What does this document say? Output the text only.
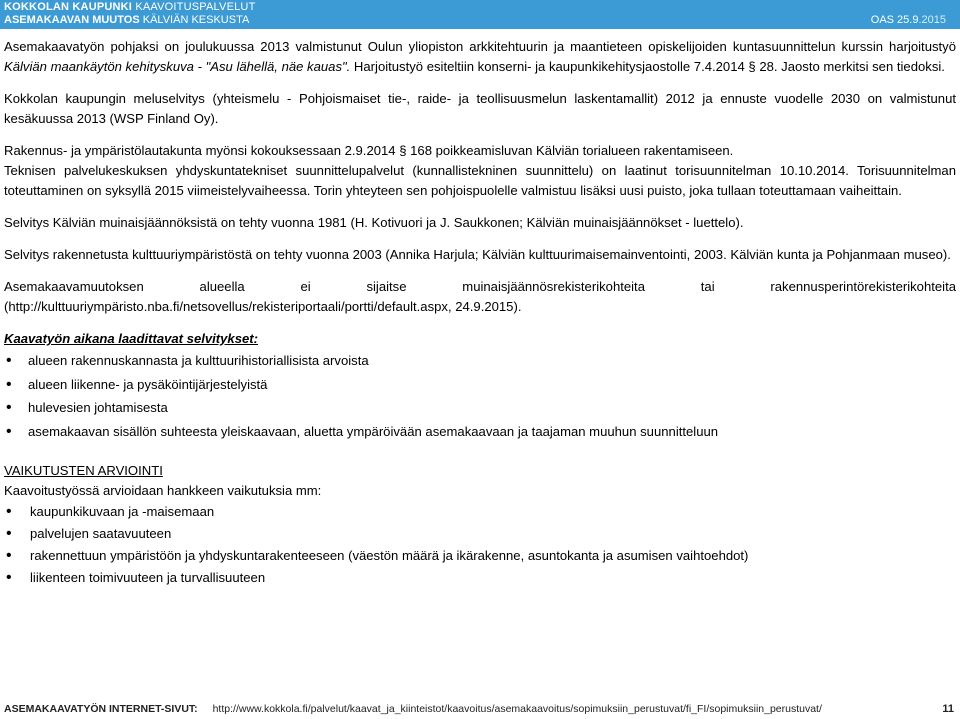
KOKKOLAN KAUPUNKI KAAVOITUSPALVELUT
ASEMAKAAVAN MUUTOS KÄLVIÄN KESKUSTA	OAS 25.9.2015

Asemakaavatyön pohjaksi on joulukuussa 2013 valmistunut Oulun yliopiston arkkitehtuurin ja maantieteen opiskelijoiden kuntasuunnittelun kurssin harjoitustyö Kälviän maankäytön kehityskuva - "Asu lähellä, näe kauas". Harjoitustyö esiteltiin konserni- ja kaupunkikehitysjaostolle 7.4.2014 § 28. Jaosto merkitsi sen tiedoksi.

Kokkolan kaupungin meluselvitys (yhteismelu - Pohjoismaiset tie-, raide- ja teollisuusmelun laskentamallit) 2012 ja ennuste vuodelle 2030 on valmistunut kesäkuussa 2013 (WSP Finland Oy).

Rakennus- ja ympäristölautakunta myönsi kokouksessaan 2.9.2014 § 168 poikkeamisluvan Kälviän torialueen rakentamiseen.

Teknisen palvelukeskuksen yhdyskuntatekniset suunnittelupalvelut (kunnallistekninen suunnittelu) on laatinut torisuunnitelman 10.10.2014. Torisuunnitelman toteuttaminen on syksyllä 2015 viimeistelyvaiheessa. Torin yhteyteen sen pohjoispuolelle valmistuu lisäksi uusi puisto, joka tullaan toteuttamaan vaiheittain.

Selvitys Kälviän muinaisjäännöksistä on tehty vuonna 1981 (H. Kotivuori ja J. Saukkonen; Kälviän muinaisjäännökset - luettelo).

Selvitys rakennetusta kulttuuriympäristöstä on tehty vuonna 2003 (Annika Harjula; Kälviän kulttuurimaisemainventointi, 2003. Kälviän kunta ja Pohjanmaan museo).

Asemakaavamuutoksen alueella ei sijaitse muinaisjäännösrekisterikohteita tai rakennusperintörekisterikohteita (http://kulttuuriympäristo.nba.fi/netsovellus/rekisteriportaali/portti/default.aspx, 24.9.2015).

Kaavatyön aikana laadittavat selvitykset:
• alueen rakennuskannasta ja kulttuurihistoriallisista arvoista
• alueen liikenne- ja pysäköintijärjestelyistä
• hulevesien johtamisesta
• asemakaavan sisällön suhteesta yleiskaavaan, aluetta ympäröivään asemakaavaan ja taajaman muuhun suunnitteluun
VAIKUTUSTEN ARVIOINTI
Kaavoitustyössä arvioidaan hankkeen vaikutuksia mm:
• kaupunkikuvaan ja -maisemaan
• palvelujen saatavuuteen
• rakennettuun ympäristöön ja yhdyskuntarakenteeseen (väestön määrä ja ikärakenne, asuntokanta ja asumisen vaihtoehdot)
• liikenteen toimivuuteen ja turvallisuuteen
ASEMAKAAVATYÖN INTERNET-SIVUT: http://www.kokkola.fi/palvelut/kaavat_ja_kiinteistot/kaavoitus/asemakaavoitus/sopimuksiin_perustuvat/fi_FI/sopimuksiin_perustuvat/	11
